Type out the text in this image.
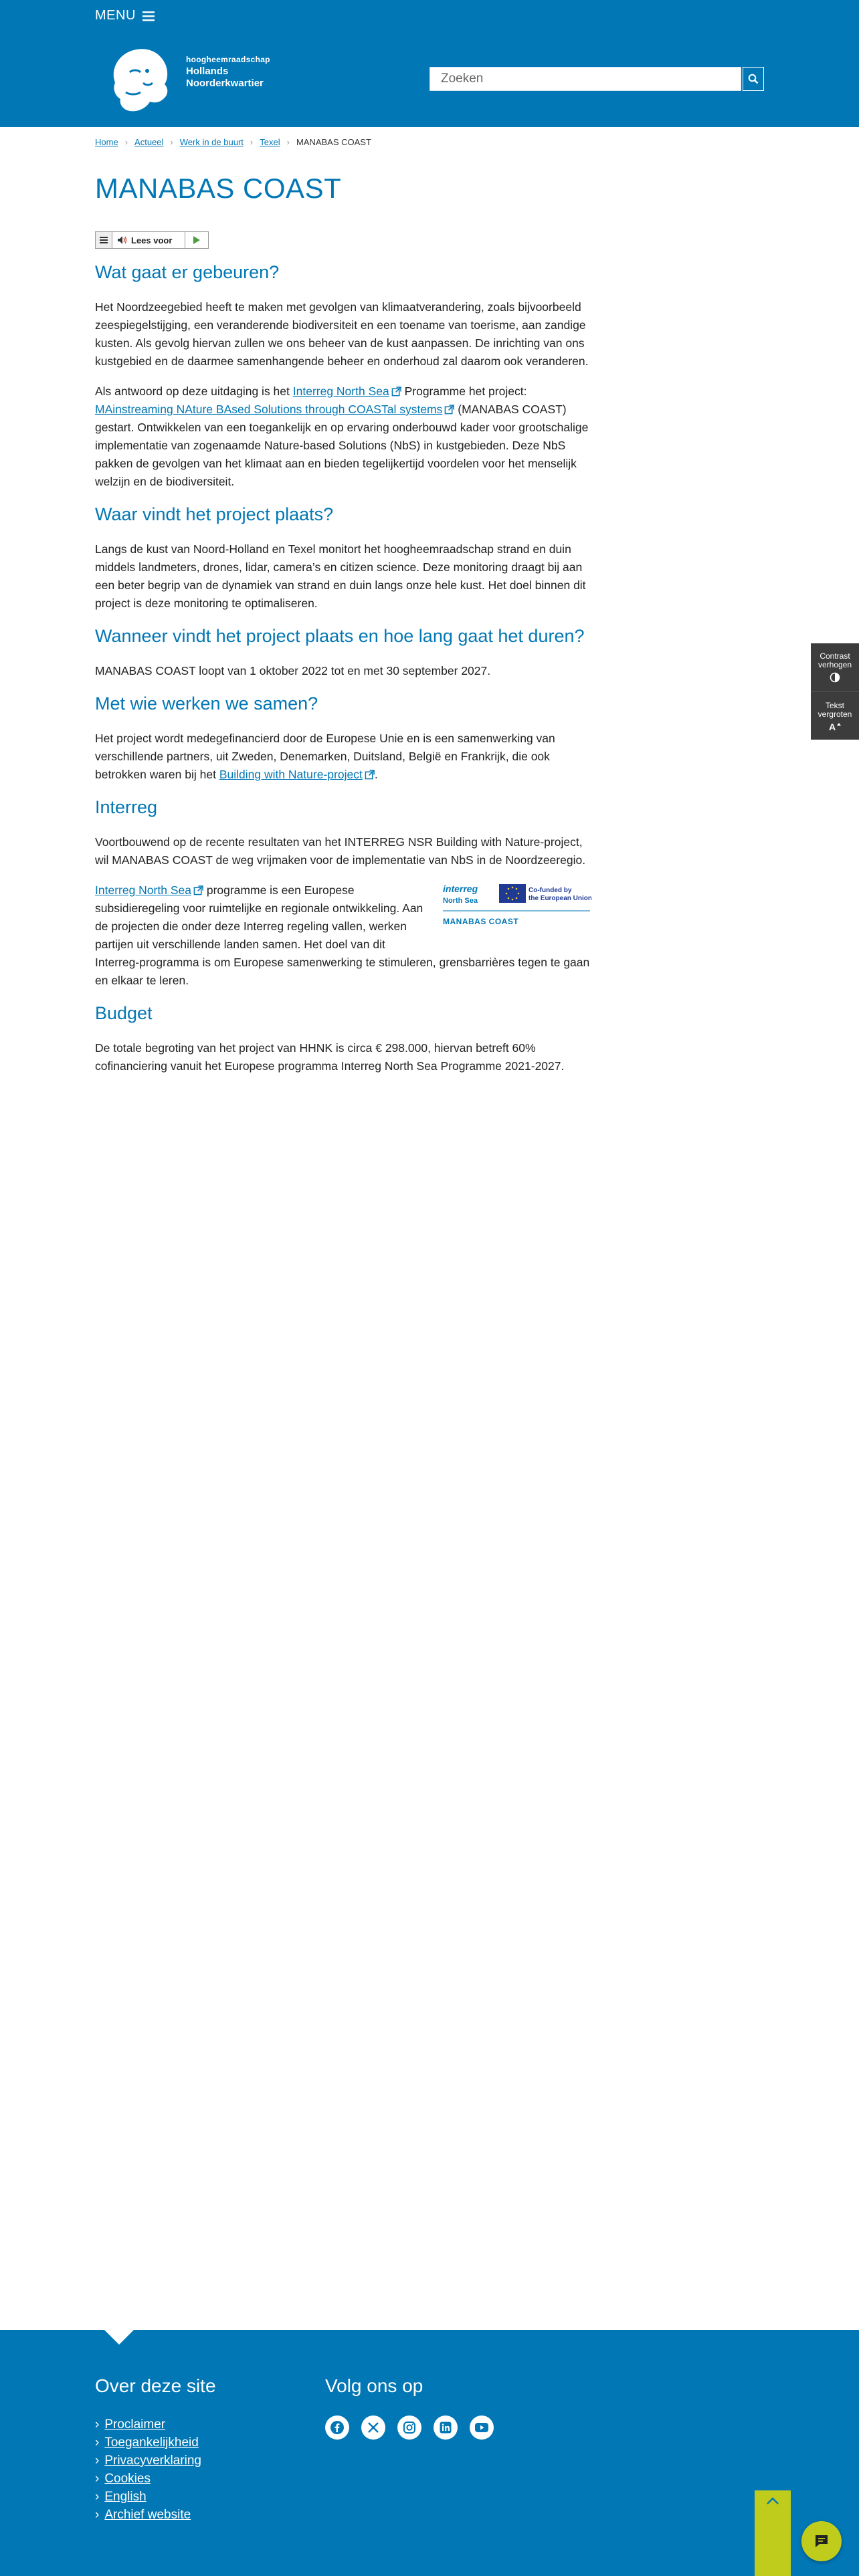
MENU
hoogheemraadschap
Hollands
Noorderkwartier
Zoeken
Home › Actueel › Werk in de buurt › Texel › MANABAS COAST
MANABAS COAST
Lees voor
Wat gaat er gebeuren?

Het Noordzeegebied heeft te maken met gevolgen van klimaatverandering, zoals bijvoorbeeld zeespiegelstijging, een veranderende biodiversiteit en een toename van toerisme, aan zandige kusten. Als gevolg hiervan zullen we ons beheer van de kust aanpassen. De inrichting van ons kustgebied en de daarmee samenhangende beheer en onderhoud zal daarom ook veranderen.

Als antwoord op deze uitdaging is het Interreg North Sea Programme het project: MAinstreaming NAture BAsed Solutions through COASTal systems (MANABAS COAST) gestart. Ontwikkelen van een toegankelijk en op ervaring onderbouwd kader voor grootschalige implementatie van zogenaamde Nature-based Solutions (NbS) in kustgebieden. Deze NbS pakken de gevolgen van het klimaat aan en bieden tegelijkertijd voordelen voor het menselijk welzijn en de biodiversiteit.

Waar vindt het project plaats?

Langs de kust van Noord-Holland en Texel monitort het hoogheemraadschap strand en duin middels landmeters, drones, lidar, camera’s en citizen science. Deze monitoring draagt bij aan een beter begrip van de dynamiek van strand en duin langs onze hele kust. Het doel binnen dit project is deze monitoring te optimaliseren.

Wanneer vindt het project plaats en hoe lang gaat het duren?

MANABAS COAST loopt van 1 oktober 2022 tot en met 30 september 2027.

Met wie werken we samen?

Het project wordt medegefinancierd door de Europese Unie en is een samenwerking van verschillende partners, uit Zweden, Denemarken, Duitsland, België en Frankrijk, die ook betrokken waren bij het Building with Nature-project .

Interreg

Voortbouwend op de recente resultaten van het INTERREG NSR Building with Nature-project, wil MANABAS COAST de weg vrijmaken voor de implementatie van NbS in de Noordzeeregio.

interreg
North Sea
Co-funded by
the European Union
MANABAS COAST

Interreg North Sea programme is een Europese subsidieregeling voor ruimtelijke en regionale ontwikkeling. Aan de projecten die onder deze Interreg regeling vallen, werken partijen uit verschillende landen samen. Het doel van dit Interreg-programma is om Europese samenwerking te stimuleren, grensbarrières tegen te gaan en elkaar te leren.

Budget

De totale begroting van het project van HHNK is circa € 298.000, hiervan betreft 60% cofinanciering vanuit het Europese programma Interreg North Sea Programme 2021-2027.

Contrast
verhogen
Tekst
vergroten
A
Over deze site
› Proclaimer
› Toegankelijkheid
› Privacyverklaring
› Cookies
› English
› Archief website
Volg ons op
